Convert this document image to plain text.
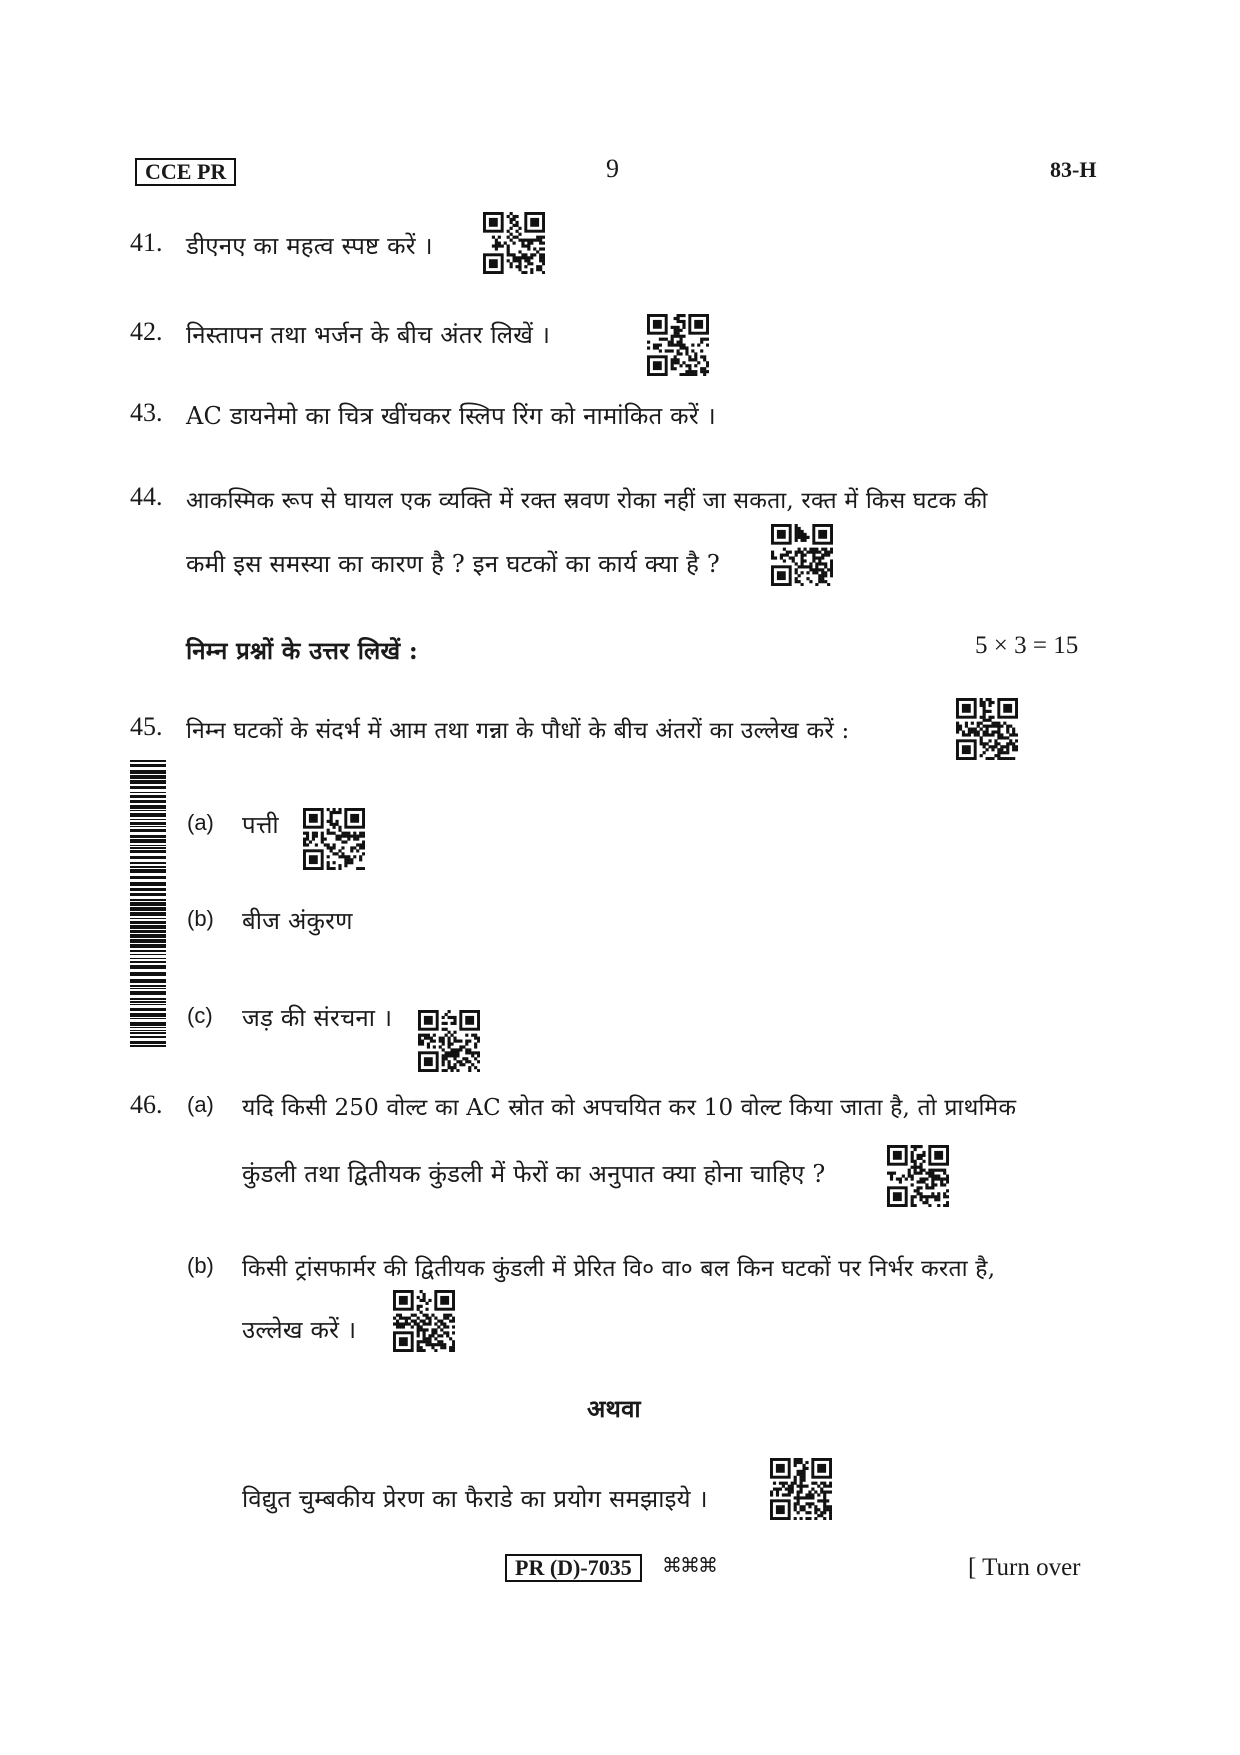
CCE PR	9	83-H
41. डीएनए का महत्व स्पष्ट करें ।
42. निस्तापन तथा भर्जन के बीच अंतर लिखें ।
43. AC डायनेमो का चित्र खींचकर स्लिप रिंग को नामांकित करें ।
44. आकस्मिक रूप से घायल एक व्यक्ति में रक्त स्रवण रोका नहीं जा सकता, रक्त में किस घटक की
कमी इस समस्या का कारण है ? इन घटकों का कार्य क्या है ?
निम्न प्रश्नों के उत्तर लिखें :	5 × 3 = 15
45. निम्न घटकों के संदर्भ में आम तथा गन्ना के पौधों के बीच अंतरों का उल्लेख करें :
(a) पत्ती
(b) बीज अंकुरण
(c) जड़ की संरचना ।
46. (a) यदि किसी 250 वोल्ट का AC स्रोत को अपचयित कर 10 वोल्ट किया जाता है, तो प्राथमिक
कुंडली तथा द्वितीयक कुंडली में फेरों का अनुपात क्या होना चाहिए ?
(b) किसी ट्रांसफार्मर की द्वितीयक कुंडली में प्रेरित वि० वा० बल किन घटकों पर निर्भर करता है,
उल्लेख करें ।
अथवा
विद्युत चुम्बकीय प्रेरण का फैराडे का प्रयोग समझाइये ।
PR (D)-7035	⌘⌘⌘	[ Turn over
